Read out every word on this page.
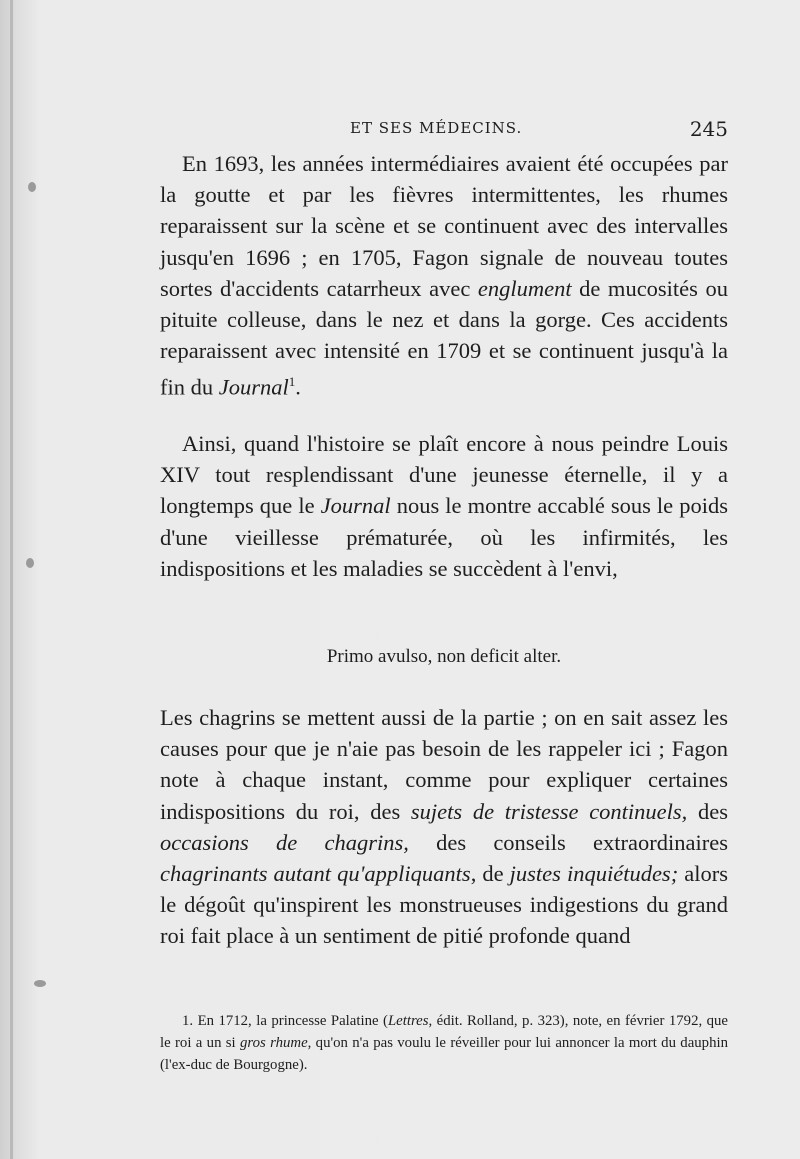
ET SES MÉDECINS.	245

En 1693, les années intermédiaires avaient été occupées par la goutte et par les fièvres intermittentes, les rhumes reparaissent sur la scène et se continuent avec des intervalles jusqu'en 1696 ; en 1705, Fagon signale de nouveau toutes sortes d'accidents catarrheux avec englument de mucosités ou pituite colleuse, dans le nez et dans la gorge. Ces accidents reparaissent avec intensité en 1709 et se continuent jusqu'à la fin du Journal$^1$.

Ainsi, quand l'histoire se plaît encore à nous peindre Louis XIV tout resplendissant d'une jeunesse éternelle, il y a longtemps que le Journal nous le montre accablé sous le poids d'une vieillesse prématurée, où les infirmités, les indispositions et les maladies se succèdent à l'envi,

Primo avulso, non deficit alter.

Les chagrins se mettent aussi de la partie ; on en sait assez les causes pour que je n'aie pas besoin de les rappeler ici ; Fagon note à chaque instant, comme pour expliquer certaines indispositions du roi, des sujets de tristesse continuels, des occasions de chagrins, des conseils extraordinaires chagrinants autant qu'appliquants, de justes inquiétudes; alors le dégoût qu'inspirent les monstrueuses indigestions du grand roi fait place à un sentiment de pitié profonde quand

1. En 1712, la princesse Palatine (Lettres, édit. Rolland, p. 323), note, en février 1792, que le roi a un si gros rhume, qu'on n'a pas voulu le réveiller pour lui annoncer la mort du dauphin (l'ex-duc de Bourgogne).
